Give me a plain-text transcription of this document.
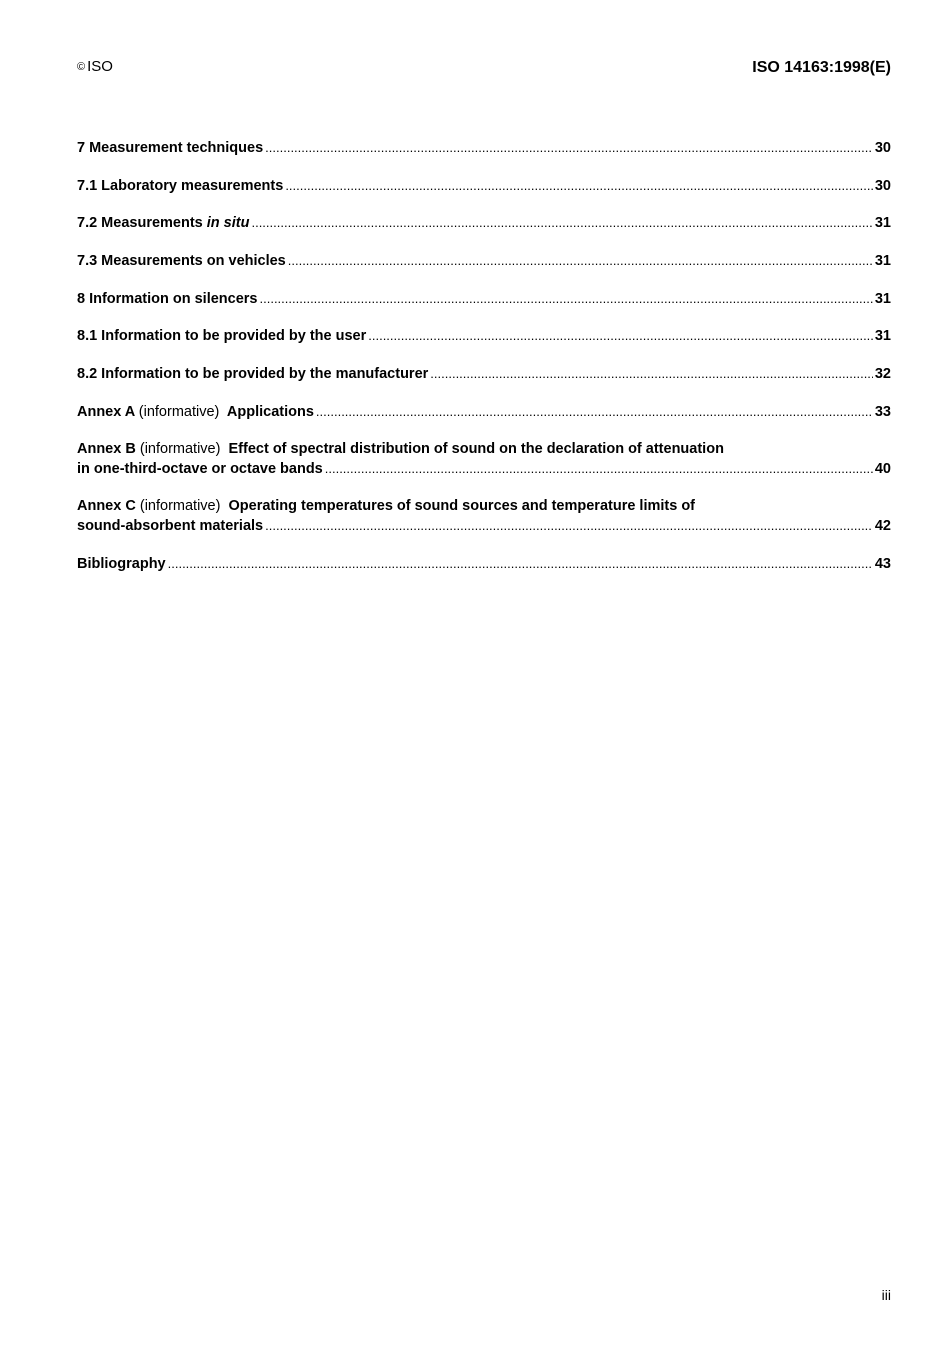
© ISO	ISO 14163:1998(E)
7 Measurement techniques .....	30
7.1 Laboratory measurements .....	30
7.2 Measurements in situ .....	31
7.3 Measurements on vehicles .....	31
8 Information on silencers .....	31
8.1 Information to be provided by the user .....	31
8.2 Information to be provided by the manufacturer .....	32
Annex A (informative) Applications .....	33
Annex B (informative) Effect of spectral distribution of sound on the declaration of attenuation
in one-third-octave or octave bands .....	40
Annex C (informative) Operating temperatures of sound sources and temperature limits of
sound-absorbent materials .....	42
Bibliography .....	43
iii
